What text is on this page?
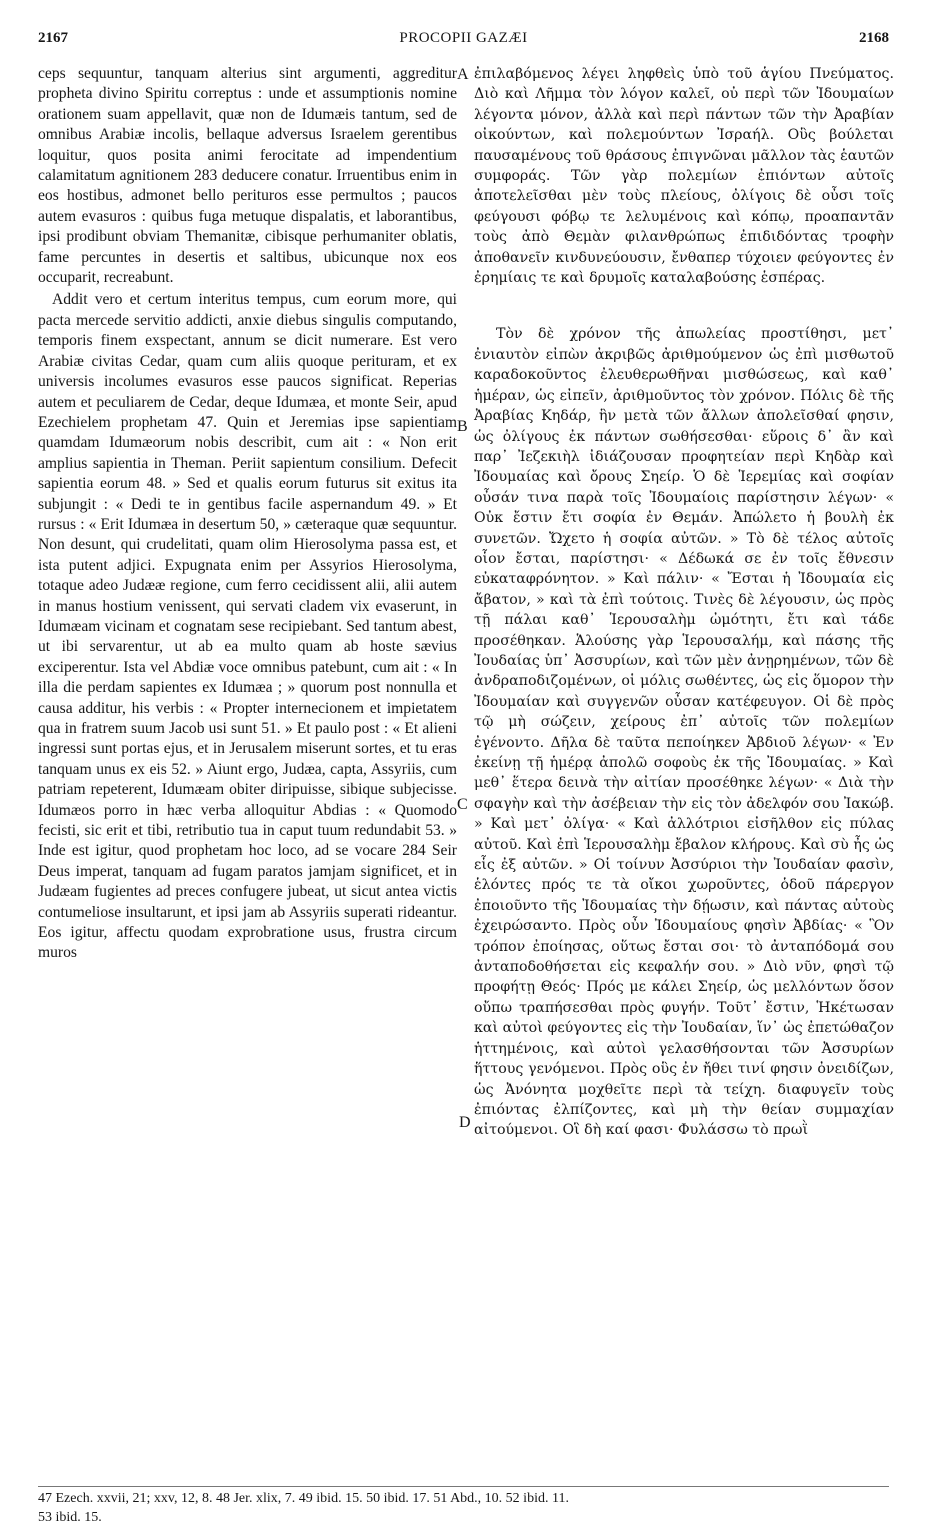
2167	PROCOPII GAZÆI	2168

ceps sequuntur, tanquam alterius sint argumenti, aggreditur propheta divino Spiritu correptus : unde et assumptionis nomine orationem suam appellavit, quæ non de Idumæis tantum, sed de omnibus Arabiæ incolis, bellaque adversus Israelem gerentibus loquitur, quos posita animi ferocitate ad impendentium calamitatum agnitionem 283 deducere conatur. Irruentibus enim in eos hostibus, admonet bello perituros esse permultos ; paucos autem evasuros : quibus fuga metuque dispalatis, et laborantibus, ipsi prodibunt obviam Themanitæ, cibisque perhumaniter oblatis, fame percuntes in desertis et saltibus, ubicunque nox eos occuparit, recreabunt.

Addit vero et certum interitus tempus, cum eorum more, qui pacta mercede servitio addicti, anxie diebus singulis computando, temporis finem exspectant, annum se dicit numerare. Est vero Arabiæ civitas Cedar, quam cum aliis quoque perituram, et ex universis incolumes evasuros esse paucos significat. Reperias autem et peculiarem de Cedar, deque Idumæa, et monte Seir, apud Ezechielem prophetam 47. Quin et Jeremias ipse sapientiam quamdam Idumæorum nobis describit, cum ait : « Non erit amplius sapientia in Theman. Periit sapientum consilium. Defecit sapientia eorum 48. » Sed et qualis eorum futurus sit exitus ita subjungit : « Dedi te in gentibus facile aspernandum 49. » Et rursus : « Erit Idumæa in desertum 50, » cæteraque quæ sequuntur. Non desunt, qui crudelitati, quam olim Hierosolyma passa est, et ista putent adjici. Expugnata enim per Assyrios Hierosolyma, totaque adeo Judææ regione, cum ferro cecidissent alii, alii autem in manus hostium venissent, qui servati cladem vix evaserunt, in Idumæam vicinam et cognatam sese recipiebant. Sed tantum abest, ut ibi servarentur, ut ab ea multo quam ab hoste sævius exciperentur. Ista vel Abdiæ voce omnibus patebunt, cum ait : « In illa die perdam sapientes ex Idumæa ; » quorum post nonnulla et causa additur, his verbis : « Propter internecionem et impietatem qua in fratrem suum Jacob usi sunt 51. » Et paulo post : « Et alieni ingressi sunt portas ejus, et in Jerusalem miserunt sortes, et tu eras tanquam unus ex eis 52. » Aiunt ergo, Judæa, capta, Assyriis, cum patriam repeterent, Idumæam obiter diripuisse, sibique subjecisse. Idumæos porro in hæc verba alloquitur Abdias : « Quomodo fecisti, sic erit et tibi, retributio tua in caput tuum redundabit 53. » Inde est igitur, quod prophetam hoc loco, ad se vocare 284 Seir Deus imperat, tanquam ad fugam paratos jamjam significet, et in Judæam fugientes ad preces confugere jubeat, ut sicut antea victis contumeliose insultarunt, et ipsi jam ab Assyriis superati rideantur. Eos igitur, affectu quodam exprobratione usus, frustra circum muros

A
B
C
D

ἐπιλαβόμενος λέγει ληφθεὶς ὑπὸ τοῦ ἁγίου Πνεύματος. Διὸ καὶ Λῆμμα τὸν λόγον καλεῖ, οὐ περὶ τῶν Ἰδουμαίων λέγοντα μόνον, ἀλλὰ καὶ περὶ πάντων τῶν τὴν Ἀραβίαν οἰκούντων, καὶ πολεμούντων Ἰσραήλ. Οὓς βούλεται παυσαμένους τοῦ θράσους ἐπιγνῶναι μᾶλλον τὰς ἑαυτῶν συμφοράς. Τῶν γὰρ πολεμίων ἐπιόντων αὐτοῖς ἀποτελεῖσθαι μὲν τοὺς πλείους, ὀλίγοις δὲ οὖσι τοῖς φεύγουσι φόβῳ τε λελυμένοις καὶ κόπῳ, προαπαντᾶν τοὺς ἀπὸ Θεμὰν φιλανθρώπως ἐπιδιδόντας τροφὴν ἀποθανεῖν κινδυνεύουσιν, ἔνθαπερ τύχοιεν φεύγοντες ἐν ἐρημίαις τε καὶ δρυμοῖς καταλαβούσης ἑσπέρας.

Τὸν δὲ χρόνον τῆς ἀπωλείας προστίθησι, μετ᾽ ἐνιαυτὸν εἰπὼν ἀκριβῶς ἀριθμούμενον ὡς ἐπὶ μισθωτοῦ καραδοκοῦντος ἐλευθερωθῆναι μισθώσεως, καὶ καθ᾽ ἡμέραν, ὡς εἰπεῖν, ἀριθμοῦντος τὸν χρόνον. Πόλις δὲ τῆς Ἀραβίας Κηδάρ, ἣν μετὰ τῶν ἄλλων ἀπολεῖσθαί φησιν, ὡς ὀλίγους ἐκ πάντων σωθήσεσθαι· εὕροις δ᾽ ἂν καὶ παρ᾽ Ἰεζεκιὴλ ἰδιάζουσαν προφητείαν περὶ Κηδὰρ καὶ Ἰδουμαίας καὶ ὄρους Σηείρ. Ὁ δὲ Ἱερεμίας καὶ σοφίαν οὖσάν τινα παρὰ τοῖς Ἰδουμαίοις παρίστησιν λέγων· « Οὐκ ἔστιν ἔτι σοφία ἐν Θεμάν. Ἀπώλετο ἡ βουλὴ ἐκ συνετῶν. Ὤχετο ἡ σοφία αὐτῶν. » Τὸ δὲ τέλος αὐτοῖς οἷον ἔσται, παρίστησι· « Δέδωκά σε ἐν τοῖς ἔθνεσιν εὐκαταφρόνητον. » Καὶ πάλιν· « Ἔσται ἡ Ἰδουμαία εἰς ἄβατον, » καὶ τὰ ἐπὶ τούτοις. Τινὲς δὲ λέγουσιν, ὡς πρὸς τῇ πάλαι καθ᾽ Ἱερουσαλὴμ ὠμότητι, ἔτι καὶ τάδε προσέθηκαν. Ἁλούσης γὰρ Ἱερουσαλήμ, καὶ πάσης τῆς Ἰουδαίας ὑπ᾽ Ἀσσυρίων, καὶ τῶν μὲν ἀνῃρημένων, τῶν δὲ ἀνδραποδιζομένων, οἱ μόλις σωθέντες, ὡς εἰς ὅμορον τὴν Ἰδουμαίαν καὶ συγγενῶν οὖσαν κατέφευγον. Οἱ δὲ πρὸς τῷ μὴ σώζειν, χείρους ἐπ᾽ αὐτοῖς τῶν πολεμίων ἐγένοντο. Δῆλα δὲ ταῦτα πεποίηκεν Ἀβδιοῦ λέγων· « Ἐν ἐκείνῃ τῇ ἡμέρᾳ ἀπολῶ σοφοὺς ἐκ τῆς Ἰδουμαίας. » Καὶ μεθ᾽ ἕτερα δεινὰ τὴν αἰτίαν προσέθηκε λέγων· « Διὰ τὴν σφαγὴν καὶ τὴν ἀσέβειαν τὴν εἰς τὸν ἀδελφόν σου Ἰακώβ. » Καὶ μετ᾽ ὀλίγα· « Καὶ ἀλλότριοι εἰσῆλθον εἰς πύλας αὐτοῦ. Καὶ ἐπὶ Ἱερουσαλὴμ ἔβαλον κλήρους. Καὶ σὺ ἦς ὡς εἷς ἐξ αὐτῶν. » Οἱ τοίνυν Ἀσσύριοι τὴν Ἰουδαίαν φασὶν, ἑλόντες πρός τε τὰ οἴκοι χωροῦντες, ὁδοῦ πάρεργον ἐποιοῦντο τῆς Ἰδουμαίας τὴν δῄωσιν, καὶ πάντας αὐτοὺς ἐχειρώσαντο. Πρὸς οὖν Ἰδουμαίους φησὶν Ἀβδίας· « Ὃν τρόπον ἐποίησας, οὕτως ἔσται σοι· τὸ ἀνταπόδομά σου ἀνταποδοθήσεται εἰς κεφαλήν σου. » Διὸ νῦν, φησὶ τῷ προφήτῃ Θεός· Πρός με κάλει Σηείρ, ὡς μελλόντων ὅσον οὔπω τραπήσεσθαι πρὸς φυγήν. Τοῦτ᾽ ἔστιν, Ἡκέτωσαν καὶ αὐτοὶ φεύγοντες εἰς τὴν Ἰουδαίαν, ἵν᾽ ὡς ἐπετώθαζον ἡττημένοις, καὶ αὐτοὶ γελασθήσονται τῶν Ἀσσυρίων ἥττους γενόμενοι. Πρὸς οὓς ἐν ἤθει τινί φησιν ὀνειδίζων, ὡς Ἀνόνητα μοχθεῖτε περὶ τὰ τείχη. διαφυγεῖν τοὺς ἐπιόντας ἐλπίζοντες, καὶ μὴ τὴν θείαν συμμαχίαν αἰτούμενοι. Οἳ δὴ καί φασι· Φυλάσσω τὸ πρωῒ

47 Ezech. xxvii, 21; xxv, 12, 8. 48 Jer. xlix, 7. 49 ibid. 15. 50 ibid. 17. 51 Abd., 10. 52 ibid. 11.

53 ibid. 15.
